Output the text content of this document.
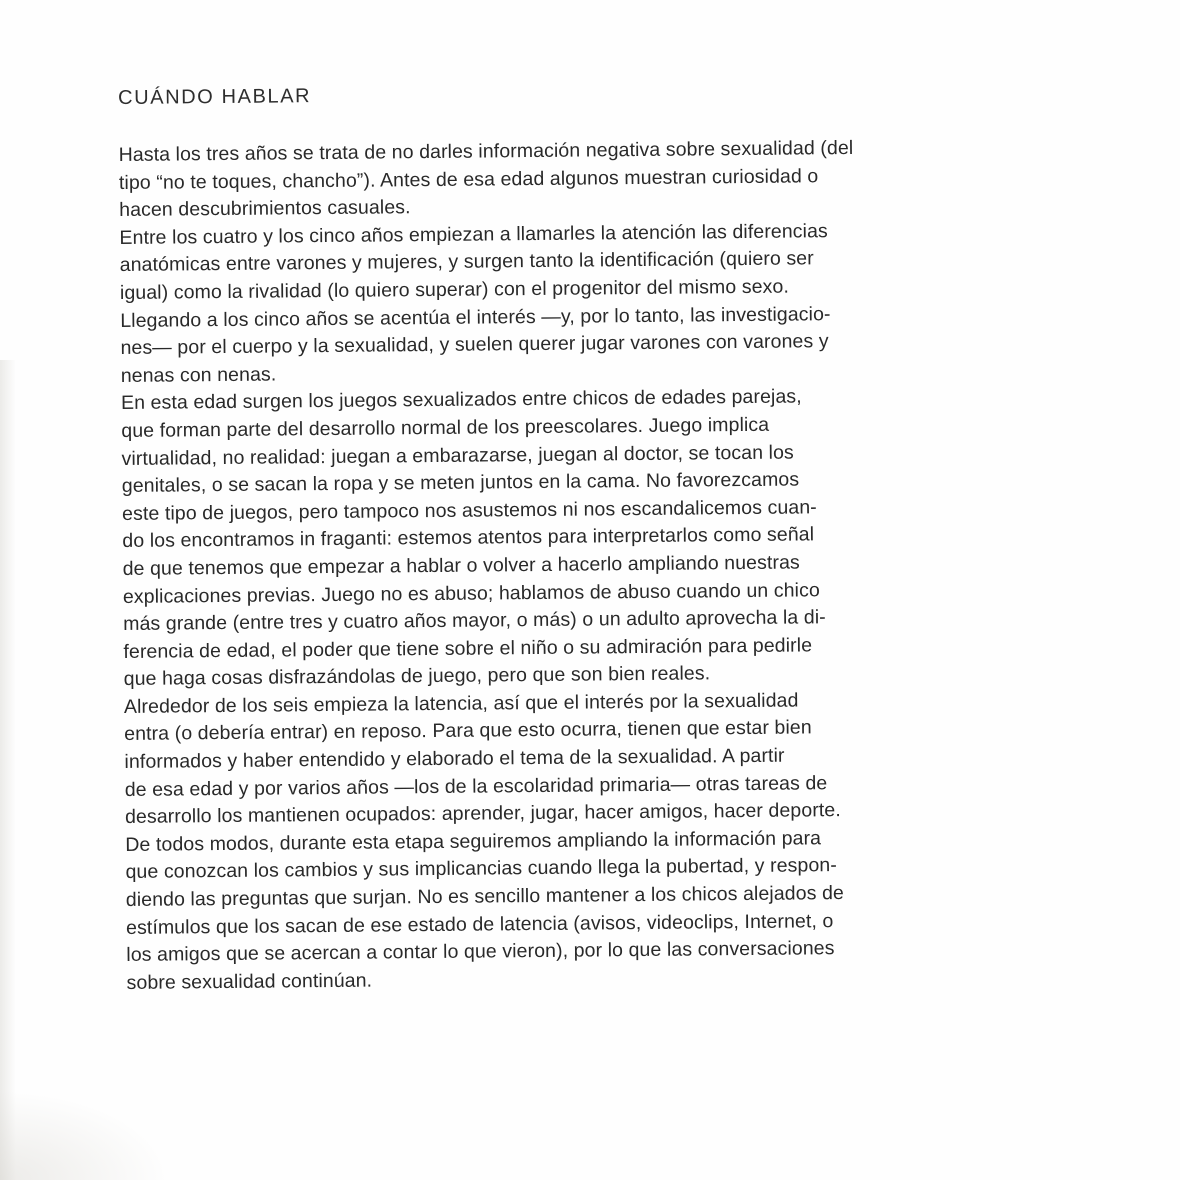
CUÁNDO HABLAR
Hasta los tres años se trata de no darles información negativa sobre sexualidad (del
tipo “no te toques, chancho”). Antes de esa edad algunos muestran curiosidad o
hacen descubrimientos casuales.
Entre los cuatro y los cinco años empiezan a llamarles la atención las diferencias
anatómicas entre varones y mujeres, y surgen tanto la identificación (quiero ser
igual) como la rivalidad (lo quiero superar) con el progenitor del mismo sexo.
Llegando a los cinco años se acentúa el interés —y, por lo tanto, las investigacio-
nes— por el cuerpo y la sexualidad, y suelen querer jugar varones con varones y
nenas con nenas.
En esta edad surgen los juegos sexualizados entre chicos de edades parejas,
que forman parte del desarrollo normal de los preescolares. Juego implica
virtualidad, no realidad: juegan a embarazarse, juegan al doctor, se tocan los
genitales, o se sacan la ropa y se meten juntos en la cama. No favorezcamos
este tipo de juegos, pero tampoco nos asustemos ni nos escandalicemos cuan-
do los encontramos in fraganti: estemos atentos para interpretarlos como señal
de que tenemos que empezar a hablar o volver a hacerlo ampliando nuestras
explicaciones previas. Juego no es abuso; hablamos de abuso cuando un chico
más grande (entre tres y cuatro años mayor, o más) o un adulto aprovecha la di-
ferencia de edad, el poder que tiene sobre el niño o su admiración para pedirle
que haga cosas disfrazándolas de juego, pero que son bien reales.
Alrededor de los seis empieza la latencia, así que el interés por la sexualidad
entra (o debería entrar) en reposo. Para que esto ocurra, tienen que estar bien
informados y haber entendido y elaborado el tema de la sexualidad. A partir
de esa edad y por varios años —los de la escolaridad primaria— otras tareas de
desarrollo los mantienen ocupados: aprender, jugar, hacer amigos, hacer deporte.
De todos modos, durante esta etapa seguiremos ampliando la información para
que conozcan los cambios y sus implicancias cuando llega la pubertad, y respon-
diendo las preguntas que surjan. No es sencillo mantener a los chicos alejados de
estímulos que los sacan de ese estado de latencia (avisos, videoclips, Internet, o
los amigos que se acercan a contar lo que vieron), por lo que las conversaciones
sobre sexualidad continúan.
